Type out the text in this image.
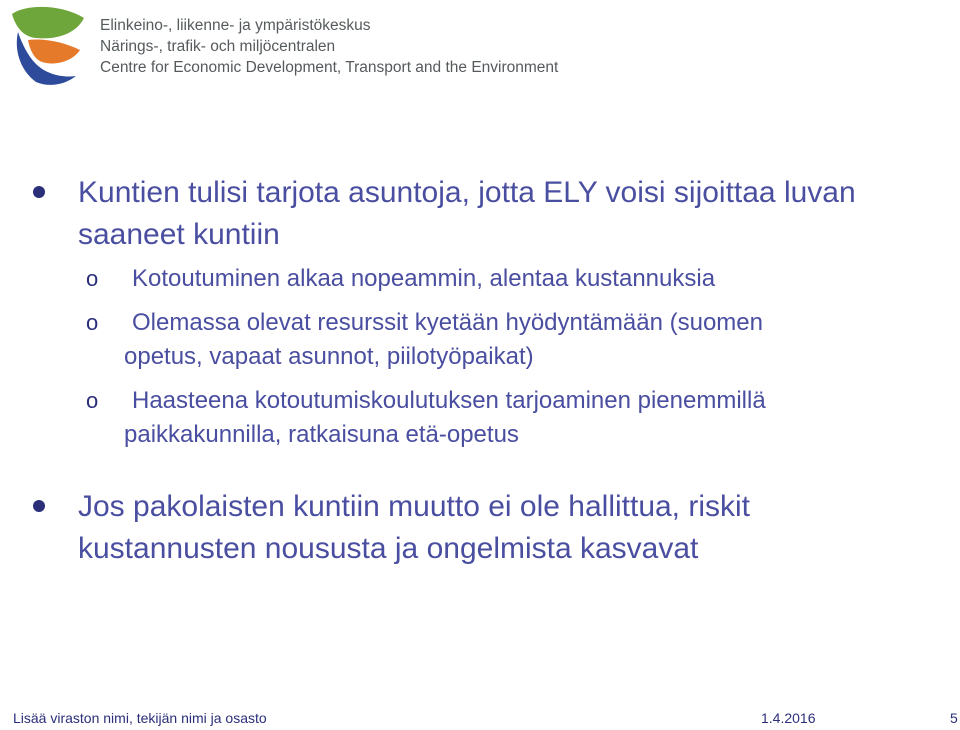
Elinkeino-, liikenne- ja ympäristökeskus
Närings-, trafik- och miljöcentralen
Centre for Economic Development, Transport and the Environment
Kuntien tulisi tarjota asuntoja, jotta ELY voisi sijoittaa luvan saaneet kuntiin
o Kotoutuminen alkaa nopeammin, alentaa kustannuksia
o Olemassa olevat resurssit kyetään hyödyntämään (suomen
opetus, vapaat asunnot, piilotyöpaikat)
o Haasteena kotoutumiskoulutuksen tarjoaminen pienemmillä
paikkakunnilla, ratkaisuna etä-opetus
Jos pakolaisten kuntiin muutto ei ole hallittua, riskit kustannusten noususta ja ongelmista kasvavat
Lisää viraston nimi, tekijän nimi ja osasto	1.4.2016	5
